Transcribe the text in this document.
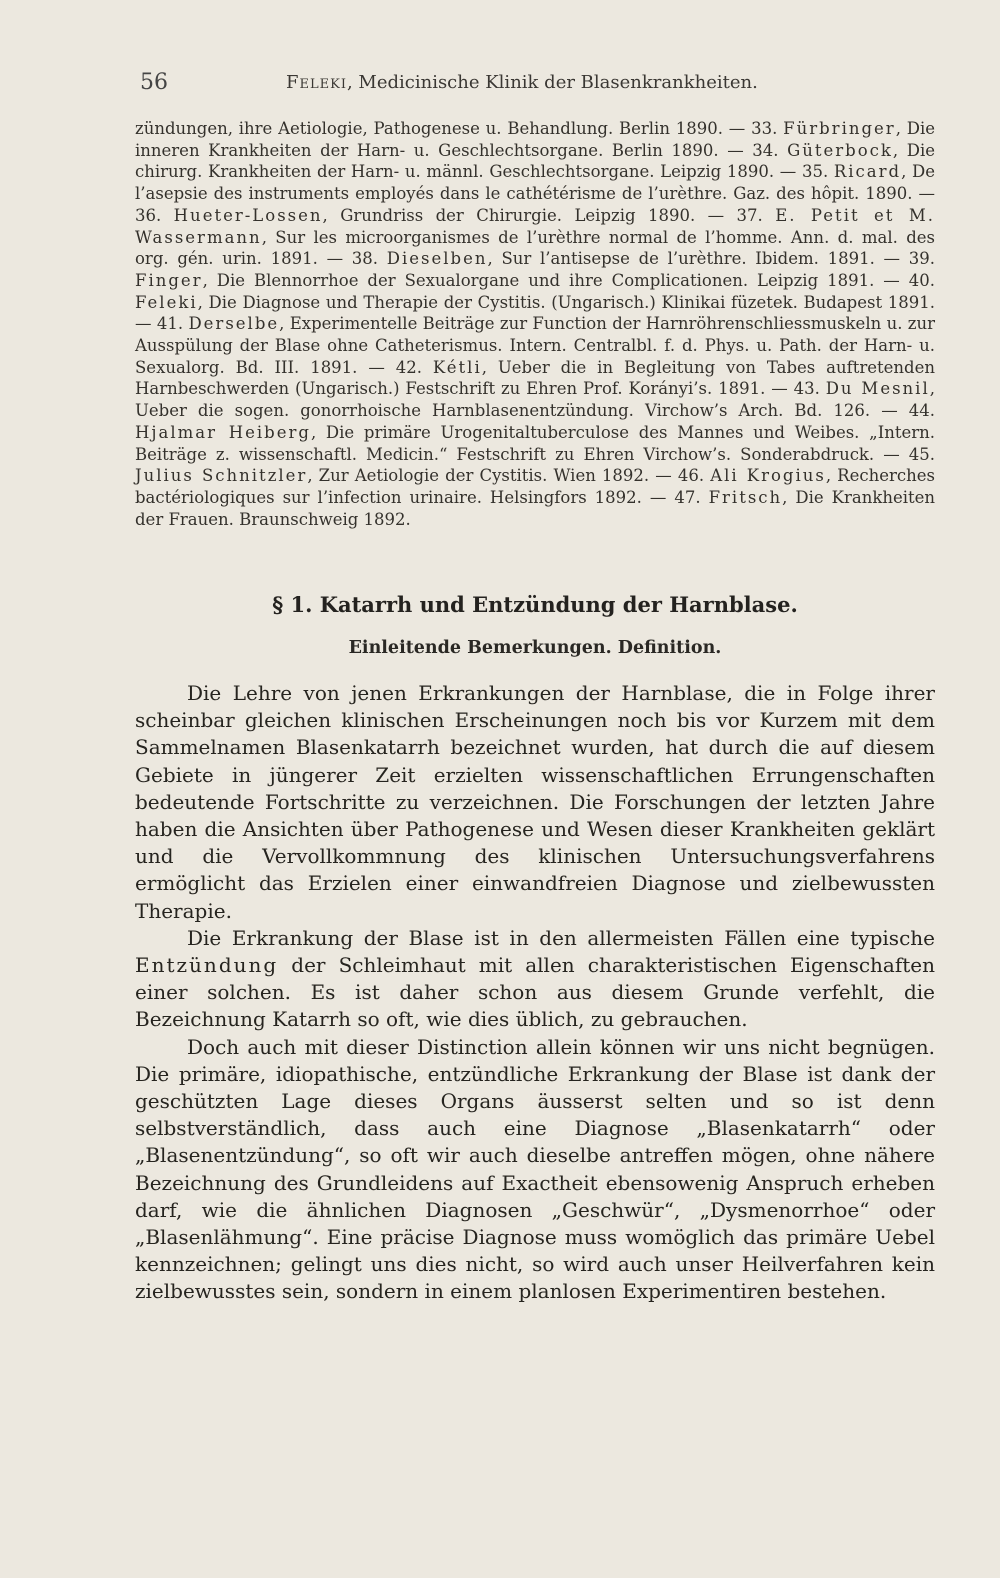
56	Feleki, Medicinische Klinik der Blasenkrankheiten.
zündungen, ihre Aetiologie, Pathogenese u. Behandlung. Berlin 1890. — 33. Fürbringer, Die inneren Krankheiten der Harn- u. Geschlechtsorgane. Berlin 1890. — 34. Güterbock, Die chirurg. Krankheiten der Harn- u. männl. Geschlechtsorgane. Leipzig 1890. — 35. Ricard, De l’asepsie des instruments employés dans le cathétérisme de l’urèthre. Gaz. des hôpit. 1890. — 36. Hueter-Lossen, Grundriss der Chirurgie. Leipzig 1890. — 37. E. Petit et M. Wassermann, Sur les microorganismes de l’urèthre normal de l’homme. Ann. d. mal. des org. gén. urin. 1891. — 38. Dieselben, Sur l’antisepse de l’urèthre. Ibidem. 1891. — 39. Finger, Die Blennorrhoe der Sexualorgane und ihre Complicationen. Leipzig 1891. — 40. Feleki, Die Diagnose und Therapie der Cystitis. (Ungarisch.) Klinikai füzetek. Budapest 1891. — 41. Derselbe, Experimentelle Beiträge zur Function der Harnröhrenschliessmuskeln u. zur Ausspülung der Blase ohne Catheterismus. Intern. Centralbl. f. d. Phys. u. Path. der Harn- u. Sexualorg. Bd. III. 1891. — 42. Kétli, Ueber die in Begleitung von Tabes auftretenden Harnbeschwerden (Ungarisch.) Festschrift zu Ehren Prof. Korányi’s. 1891. — 43. Du Mesnil, Ueber die sogen. gonorrhoische Harnblasenentzündung. Virchow’s Arch. Bd. 126. — 44. Hjalmar Heiberg, Die primäre Urogenitaltuberculose des Mannes und Weibes. „Intern. Beiträge z. wissenschaftl. Medicin.“ Festschrift zu Ehren Virchow’s. Sonderabdruck. — 45. Julius Schnitzler, Zur Aetiologie der Cystitis. Wien 1892. — 46. Ali Krogius, Recherches bactériologiques sur l’infection urinaire. Helsingfors 1892. — 47. Fritsch, Die Krankheiten der Frauen. Braunschweig 1892.
§ 1. Katarrh und Entzündung der Harnblase.
Einleitende Bemerkungen. Definition.

Die Lehre von jenen Erkrankungen der Harnblase, die in Folge ihrer scheinbar gleichen klinischen Erscheinungen noch bis vor Kurzem mit dem Sammelnamen Blasenkatarrh bezeichnet wurden, hat durch die auf diesem Gebiete in jüngerer Zeit erzielten wissenschaftlichen Errungenschaften bedeutende Fortschritte zu verzeichnen. Die Forschungen der letzten Jahre haben die Ansichten über Pathogenese und Wesen dieser Krankheiten geklärt und die Vervollkommnung des klinischen Untersuchungsverfahrens ermöglicht das Erzielen einer einwandfreien Diagnose und zielbewussten Therapie.

Die Erkrankung der Blase ist in den allermeisten Fällen eine typische Entzündung der Schleimhaut mit allen charakteristischen Eigenschaften einer solchen. Es ist daher schon aus diesem Grunde verfehlt, die Bezeichnung Katarrh so oft, wie dies üblich, zu gebrauchen.

Doch auch mit dieser Distinction allein können wir uns nicht begnügen. Die primäre, idiopathische, entzündliche Erkrankung der Blase ist dank der geschützten Lage dieses Organs äusserst selten und so ist denn selbstverständlich, dass auch eine Diagnose „Blasenkatarrh“ oder „Blasenentzündung“, so oft wir auch dieselbe antreffen mögen, ohne nähere Bezeichnung des Grundleidens auf Exactheit ebensowenig Anspruch erheben darf, wie die ähnlichen Diagnosen „Geschwür“, „Dysmenorrhoe“ oder „Blasenlähmung“. Eine präcise Diagnose muss womöglich das primäre Uebel kennzeichnen; gelingt uns dies nicht, so wird auch unser Heilverfahren kein zielbewusstes sein, sondern in einem planlosen Experimentiren bestehen.
